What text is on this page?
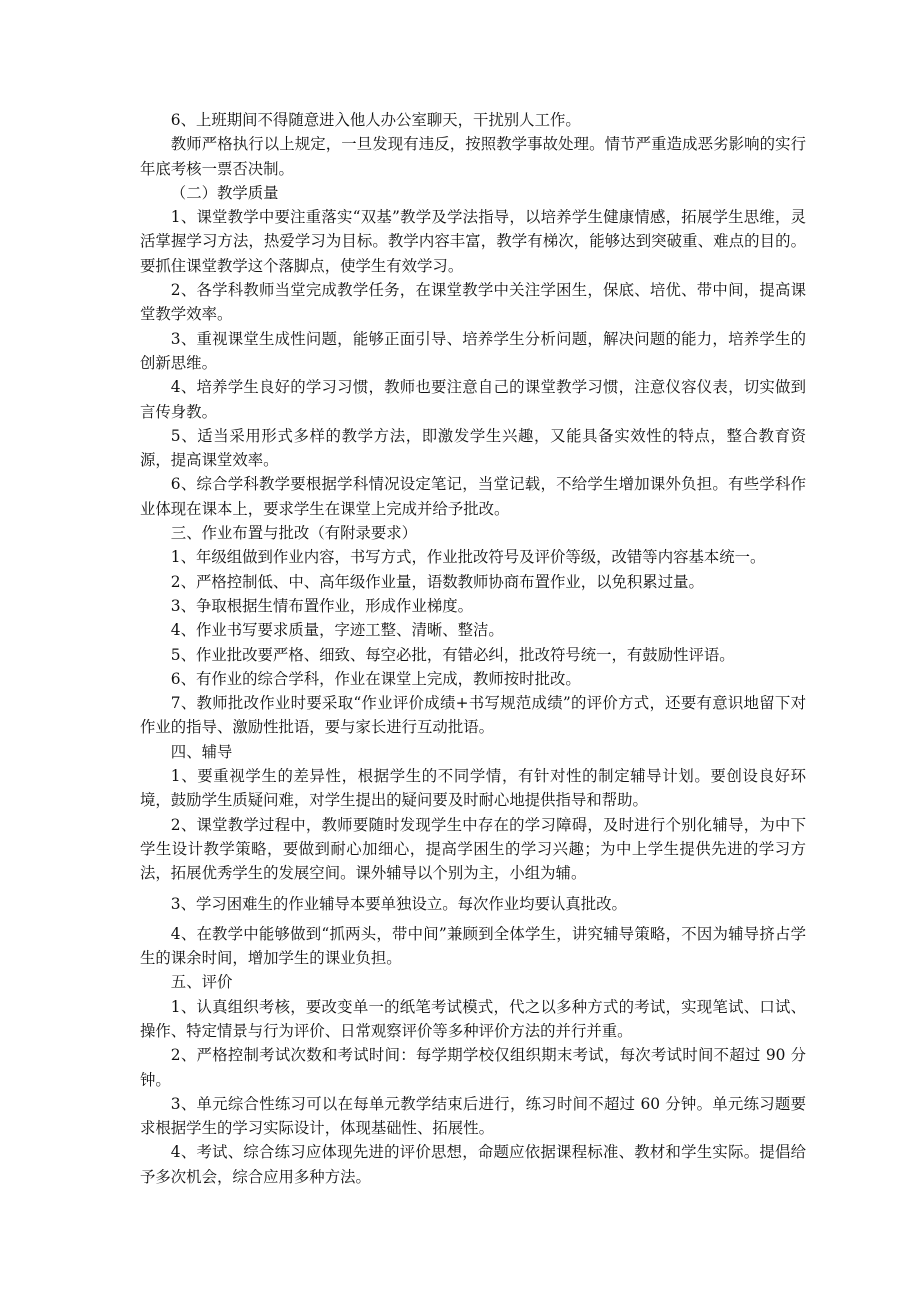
6、上班期间不得随意进入他人办公室聊天，干扰别人工作。

教师严格执行以上规定，一旦发现有违反，按照教学事故处理。情节严重造成恶劣影响的实行年底考核一票否决制。

（二）教学质量

1、课堂教学中要注重落实“双基”教学及学法指导，以培养学生健康情感，拓展学生思维，灵活掌握学习方法，热爱学习为目标。教学内容丰富，教学有梯次，能够达到突破重、难点的目的。要抓住课堂教学这个落脚点，使学生有效学习。

2、各学科教师当堂完成教学任务，在课堂教学中关注学困生，保底、培优、带中间，提高课堂教学效率。

3、重视课堂生成性问题，能够正面引导、培养学生分析问题，解决问题的能力，培养学生的创新思维。

4、培养学生良好的学习习惯，教师也要注意自己的课堂教学习惯，注意仪容仪表，切实做到言传身教。

5、适当采用形式多样的教学方法，即激发学生兴趣，又能具备实效性的特点，整合教育资源，提高课堂效率。

6、综合学科教学要根据学科情况设定笔记，当堂记载，不给学生增加课外负担。有些学科作业体现在课本上，要求学生在课堂上完成并给予批改。

三、作业布置与批改（有附录要求）

1、年级组做到作业内容，书写方式，作业批改符号及评价等级，改错等内容基本统一。

2、严格控制低、中、高年级作业量，语数教师协商布置作业，以免积累过量。

3、争取根据生情布置作业，形成作业梯度。

4、作业书写要求质量，字迹工整、清晰、整洁。

5、作业批改要严格、细致、每空必批，有错必纠，批改符号统一，有鼓励性评语。

6、有作业的综合学科，作业在课堂上完成，教师按时批改。

7、教师批改作业时要采取“作业评价成绩+书写规范成绩”的评价方式，还要有意识地留下对作业的指导、激励性批语，要与家长进行互动批语。

四、辅导

1、要重视学生的差异性，根据学生的不同学情，有针对性的制定辅导计划。要创设良好环境，鼓励学生质疑问难，对学生提出的疑问要及时耐心地提供指导和帮助。

2、课堂教学过程中，教师要随时发现学生中存在的学习障碍，及时进行个别化辅导，为中下学生设计教学策略，要做到耐心加细心，提高学困生的学习兴趣；为中上学生提供先进的学习方法，拓展优秀学生的发展空间。课外辅导以个别为主，小组为辅。

3、学习困难生的作业辅导本要单独设立。每次作业均要认真批改。

4、在教学中能够做到“抓两头，带中间”兼顾到全体学生，讲究辅导策略，不因为辅导挤占学生的课余时间，增加学生的课业负担。

五、评价

1、认真组织考核，要改变单一的纸笔考试模式，代之以多种方式的考试，实现笔试、口试、操作、特定情景与行为评价、日常观察评价等多种评价方法的并行并重。

2、严格控制考试次数和考试时间：每学期学校仅组织期末考试，每次考试时间不超过 90 分钟。

3、单元综合性练习可以在每单元教学结束后进行，练习时间不超过 60 分钟。单元练习题要求根据学生的学习实际设计，体现基础性、拓展性。

4、考试、综合练习应体现先进的评价思想，命题应依据课程标准、教材和学生实际。提倡给予多次机会，综合应用多种方法。
